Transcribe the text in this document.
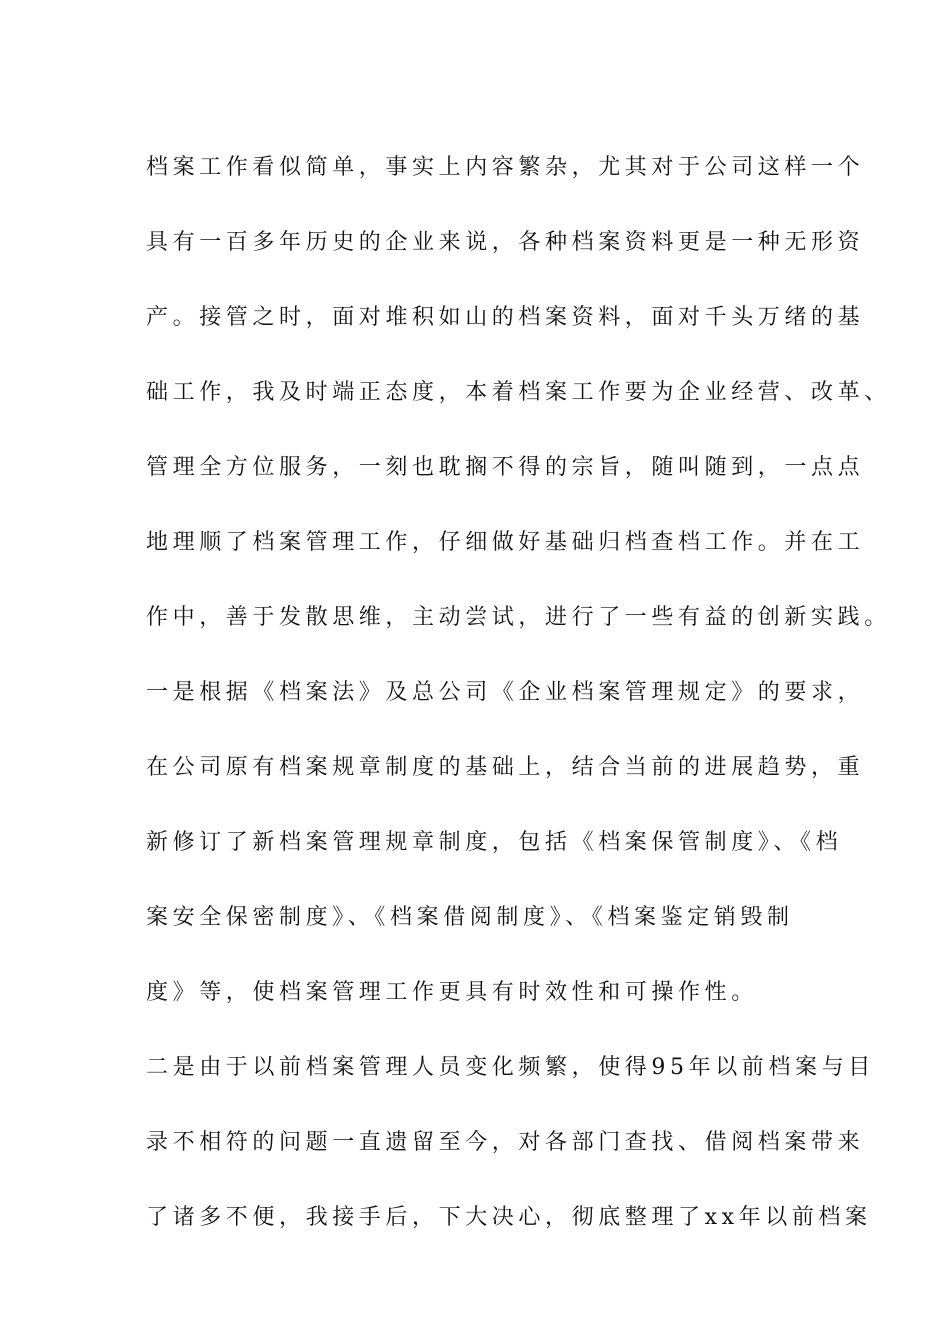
档案工作看似简单，事实上内容繁杂，尤其对于公司这样一个
具有一百多年历史的企业来说，各种档案资料更是一种无形资
产。接管之时，面对堆积如山的档案资料，面对千头万绪的基
础工作，我及时端正态度，本着档案工作要为企业经营、改革、
管理全方位服务，一刻也耽搁不得的宗旨，随叫随到，一点点
地理顺了档案管理工作，仔细做好基础归档查档工作。并在工
作中，善于发散思维，主动尝试，进行了一些有益的创新实践。
一是根据《档案法》及总公司《企业档案管理规定》的要求，
在公司原有档案规章制度的基础上，结合当前的进展趋势，重
新修订了新档案管理规章制度，包括《档案保管制度》、《档
案安全保密制度》、《档案借阅制度》、《档案鉴定销毁制
度》等，使档案管理工作更具有时效性和可操作性。
二是由于以前档案管理人员变化频繁，使得95年以前档案与目
录不相符的问题一直遗留至今，对各部门查找、借阅档案带来
了诸多不便，我接手后，下大决心，彻底整理了xx年以前档案
